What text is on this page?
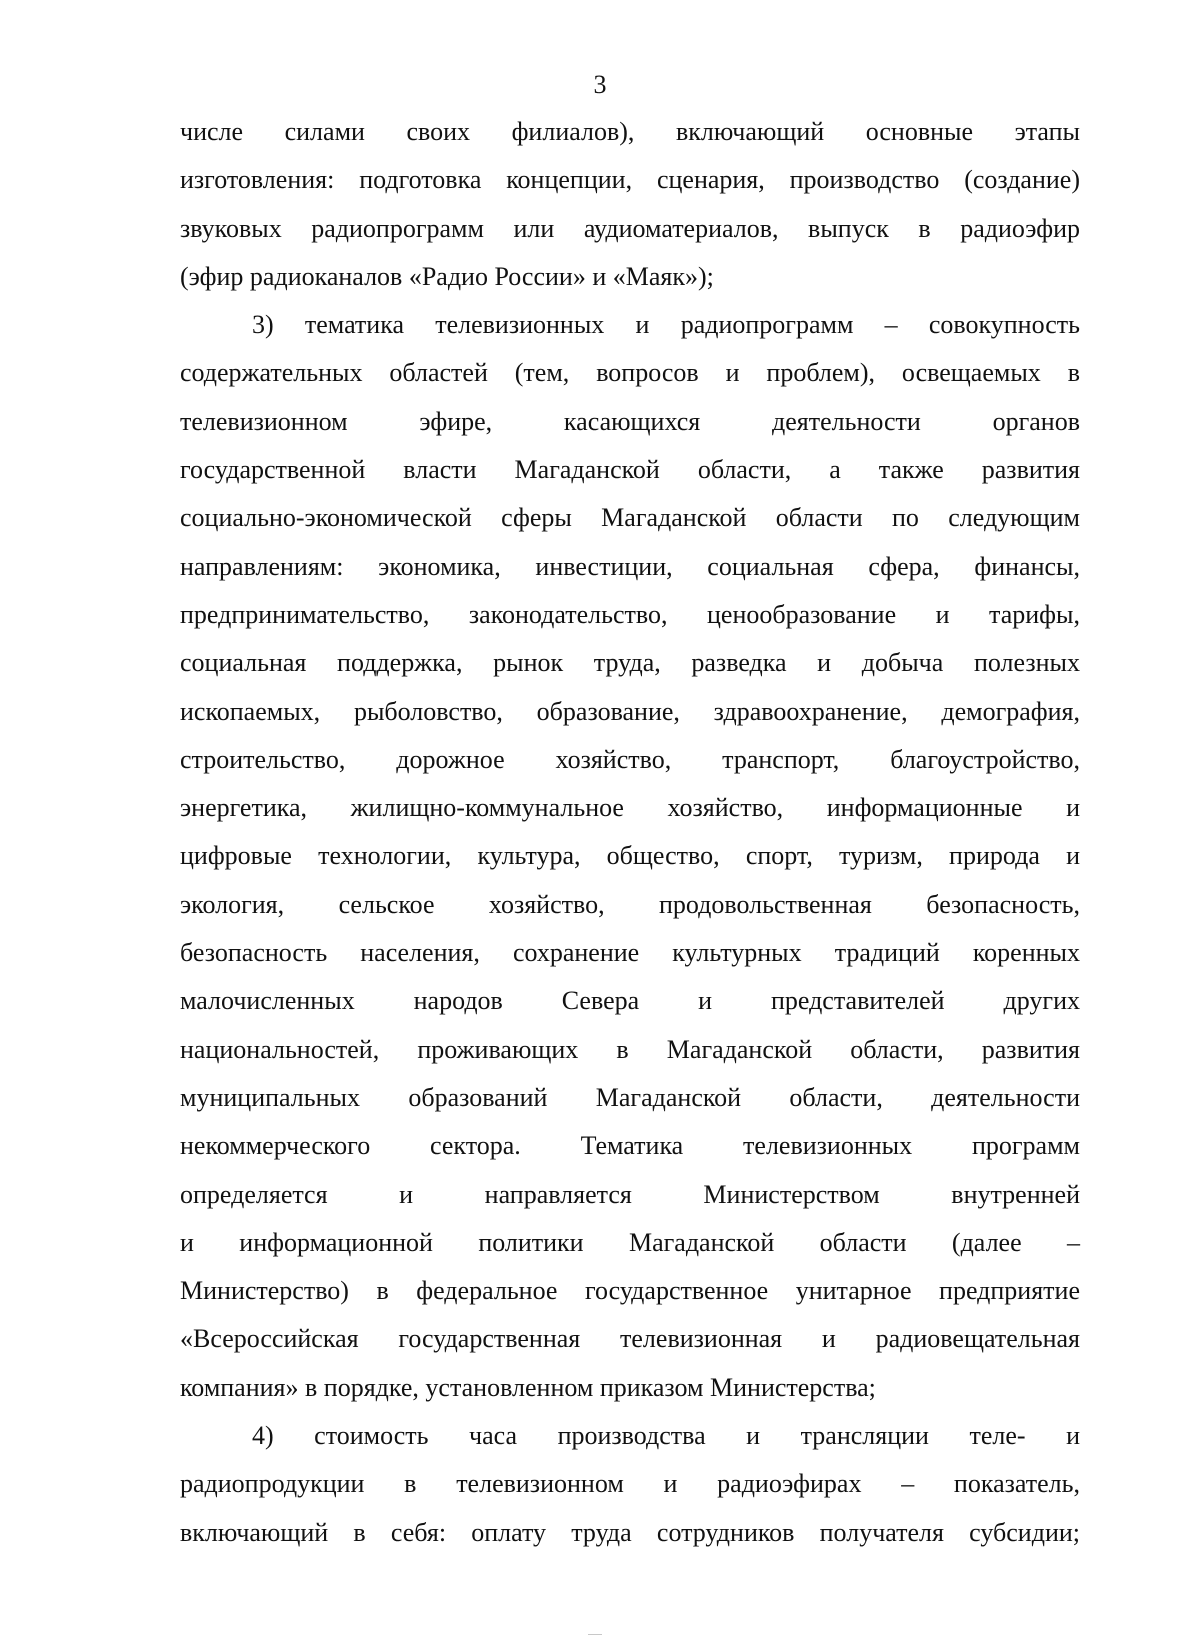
3
числе силами своих филиалов), включающий основные этапы
изготовления: подготовка концепции, сценария, производство (создание)
звуковых радиопрограмм или аудиоматериалов, выпуск в радиоэфир
(эфир радиоканалов «Радио России» и «Маяк»);
3) тематика телевизионных и радиопрограмм – совокупность
содержательных областей (тем, вопросов и проблем), освещаемых в
телевизионном эфире, касающихся деятельности органов
государственной власти Магаданской области, а также развития
социально-экономической сферы Магаданской области по следующим
направлениям: экономика, инвестиции, социальная сфера, финансы,
предпринимательство, законодательство, ценообразование и тарифы,
социальная поддержка, рынок труда, разведка и добыча полезных
ископаемых, рыболовство, образование, здравоохранение, демография,
строительство, дорожное хозяйство, транспорт, благоустройство,
энергетика, жилищно-коммунальное хозяйство, информационные и
цифровые технологии, культура, общество, спорт, туризм, природа и
экология, сельское хозяйство, продовольственная безопасность,
безопасность населения, сохранение культурных традиций коренных
малочисленных народов Севера и представителей других
национальностей, проживающих в Магаданской области, развития
муниципальных образований Магаданской области, деятельности
некоммерческого сектора. Тематика телевизионных программ
определяется и направляется Министерством внутренней
и информационной политики Магаданской области (далее –
Министерство) в федеральное государственное унитарное предприятие
«Всероссийская государственная телевизионная и радиовещательная
компания» в порядке, установленном приказом Министерства;
4) стоимость часа производства и трансляции теле- и
радиопродукции в телевизионном и радиоэфирах – показатель,
включающий в себя: оплату труда сотрудников получателя субсидии;
